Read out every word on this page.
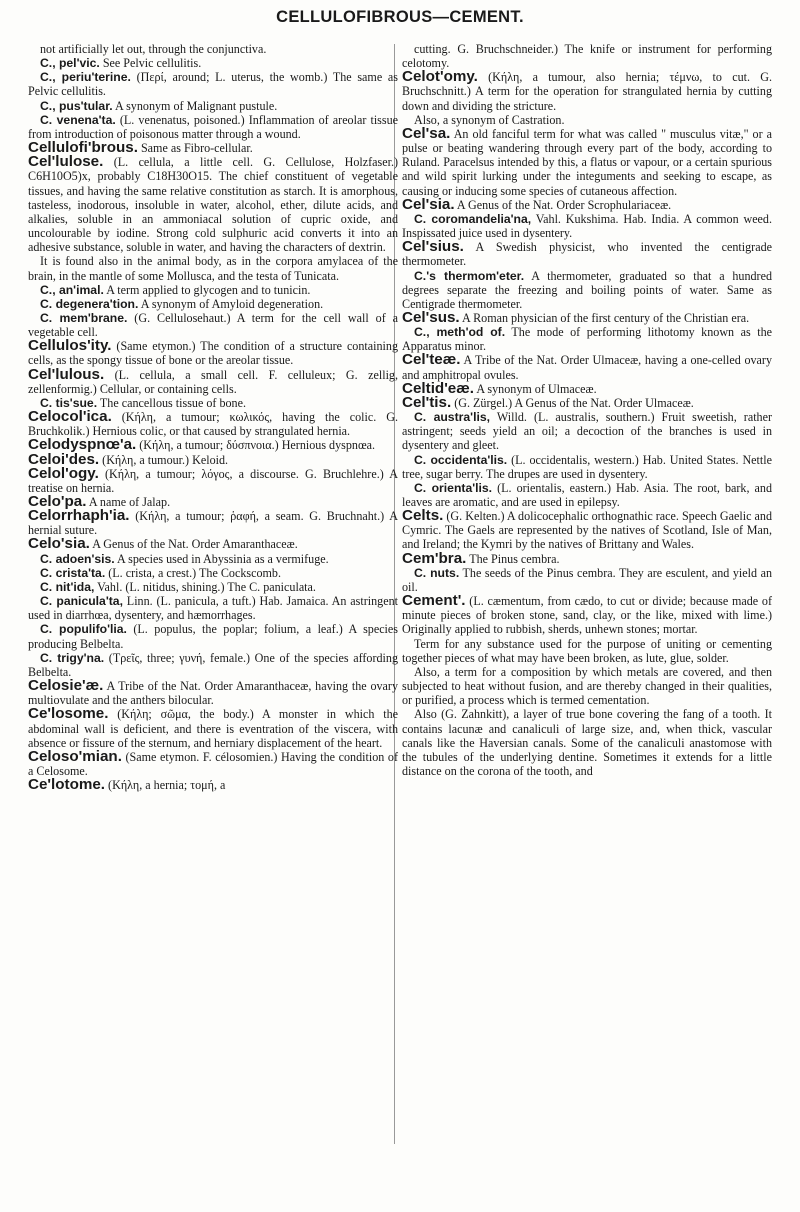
CELLULOFIBROUS—CEMENT.

not artificially let out, through the conjunctiva.

C., pel'vic. See Pelvic cellulitis.

C., periu'terine. (Περί, around; L. uterus, the womb.) The same as Pelvic cellulitis.

C., pus'tular. A synonym of Malignant pustule.

C. venena'ta. (L. venenatus, poisoned.) Inflammation of areolar tissue from introduction of poisonous matter through a wound.

Cellulofi'brous. Same as Fibro-cellular.

Cel'lulose. (L. cellula, a little cell. G. Cellulose, Holzfaser.) C6H10O5)x, probably C18H30O15. The chief constituent of vegetable tissues, and having the same relative constitution as starch. It is amorphous, tasteless, inodorous, insoluble in water, alcohol, ether, dilute acids, and alkalies, soluble in an ammoniacal solution of cupric oxide, and uncolourable by iodine. Strong cold sulphuric acid converts it into an adhesive substance, soluble in water, and having the characters of dextrin.

It is found also in the animal body, as in the corpora amylacea of the brain, in the mantle of some Mollusca, and the testa of Tunicata.

C., an'imal. A term applied to glycogen and to tunicin.

C. degenera'tion. A synonym of Amyloid degeneration.

C. mem'brane. (G. Cellulosehaut.) A term for the cell wall of a vegetable cell.

Cellulos'ity. (Same etymon.) The condition of a structure containing cells, as the spongy tissue of bone or the areolar tissue.

Cel'lulous. (L. cellula, a small cell. F. celluleux; G. zellig, zellenformig.) Cellular, or containing cells.

C. tis'sue. The cancellous tissue of bone.

Celocol'ica. (Κήλη, a tumour; κωλικός, having the colic. G. Bruchkolik.) Hernious colic, or that caused by strangulated hernia.

Celodyspnœ'a. (Κήλη, a tumour; δύσπνοια.) Hernious dyspnœa.

Celoi'des. (Κήλη, a tumour.) Keloid.

Celol'ogy. (Κήλη, a tumour; λόγος, a discourse. G. Bruchlehre.) A treatise on hernia.

Celo'pa. A name of Jalap.

Celorrhaph'ia. (Κήλη, a tumour; ῥαφή, a seam. G. Bruchnaht.) A hernial suture.

Celo'sia. A Genus of the Nat. Order Amaranthaceæ.

C. adoen'sis. A species used in Abyssinia as a vermifuge.

C. crista'ta. (L. crista, a crest.) The Cockscomb.

C. nit'ida, Vahl. (L. nitidus, shining.) The C. paniculata.

C. panicula'ta, Linn. (L. panicula, a tuft.) Hab. Jamaica. An astringent used in diarrhœa, dysentery, and hæmorrhages.

C. populifo'lia. (L. populus, the poplar; folium, a leaf.) A species producing Belbelta.

C. trigy'na. (Τρεῖς, three; γυνή, female.) One of the species affording Belbelta.

Celosie'æ. A Tribe of the Nat. Order Amaranthaceæ, having the ovary multiovulate and the anthers bilocular.

Ce'losome. (Κήλη; σῶμα, the body.) A monster in which the abdominal wall is deficient, and there is eventration of the viscera, with absence or fissure of the sternum, and herniary displacement of the heart.

Celoso'mian. (Same etymon. F. célosomien.) Having the condition of a Celosome.

Ce'lotome. (Κήλη, a hernia; τομή, a

cutting. G. Bruchschneider.) The knife or instrument for performing celotomy.

Celot'omy. (Κήλη, a tumour, also hernia; τέμνω, to cut. G. Bruchschnitt.) A term for the operation for strangulated hernia by cutting down and dividing the stricture.

Also, a synonym of Castration.

Cel'sa. An old fanciful term for what was called " musculus vitæ," or a pulse or beating wandering through every part of the body, according to Ruland. Paracelsus intended by this, a flatus or vapour, or a certain spurious and wild spirit lurking under the integuments and seeking to escape, as causing or inducing some species of cutaneous affection.

Cel'sia. A Genus of the Nat. Order Scrophulariaceæ.

C. coromandelia'na, Vahl. Kukshima. Hab. India. A common weed. Inspissated juice used in dysentery.

Cel'sius. A Swedish physicist, who invented the centigrade thermometer.

C.'s thermom'eter. A thermometer, graduated so that a hundred degrees separate the freezing and boiling points of water. Same as Centigrade thermometer.

Cel'sus. A Roman physician of the first century of the Christian era.

C., meth'od of. The mode of performing lithotomy known as the Apparatus minor.

Cel'teæ. A Tribe of the Nat. Order Ulmaceæ, having a one-celled ovary and amphitropal ovules.

Celtid'eæ. A synonym of Ulmaceæ.

Cel'tis. (G. Zürgel.) A Genus of the Nat. Order Ulmaceæ.

C. austra'lis, Willd. (L. australis, southern.) Fruit sweetish, rather astringent; seeds yield an oil; a decoction of the branches is used in dysentery and gleet.

C. occidenta'lis. (L. occidentalis, western.) Hab. United States. Nettle tree, sugar berry. The drupes are used in dysentery.

C. orienta'lis. (L. orientalis, eastern.) Hab. Asia. The root, bark, and leaves are aromatic, and are used in epilepsy.

Celts. (G. Kelten.) A dolicocephalic orthognathic race. Speech Gaelic and Cymric. The Gaels are represented by the natives of Scotland, Isle of Man, and Ireland; the Kymri by the natives of Brittany and Wales.

Cem'bra. The Pinus cembra.

C. nuts. The seeds of the Pinus cembra. They are esculent, and yield an oil.

Cement'. (L. cæmentum, from cædo, to cut or divide; because made of minute pieces of broken stone, sand, clay, or the like, mixed with lime.) Originally applied to rubbish, sherds, unhewn stones; mortar.

Term for any substance used for the purpose of uniting or cementing together pieces of what may have been broken, as lute, glue, solder.

Also, a term for a composition by which metals are covered, and then subjected to heat without fusion, and are thereby changed in their qualities, or purified, a process which is termed cementation.

Also (G. Zahnkitt), a layer of true bone covering the fang of a tooth. It contains lacunæ and canaliculi of large size, and, when thick, vascular canals like the Haversian canals. Some of the canaliculi anastomose with the tubules of the underlying dentine. Sometimes it extends for a little distance on the corona of the tooth, and
